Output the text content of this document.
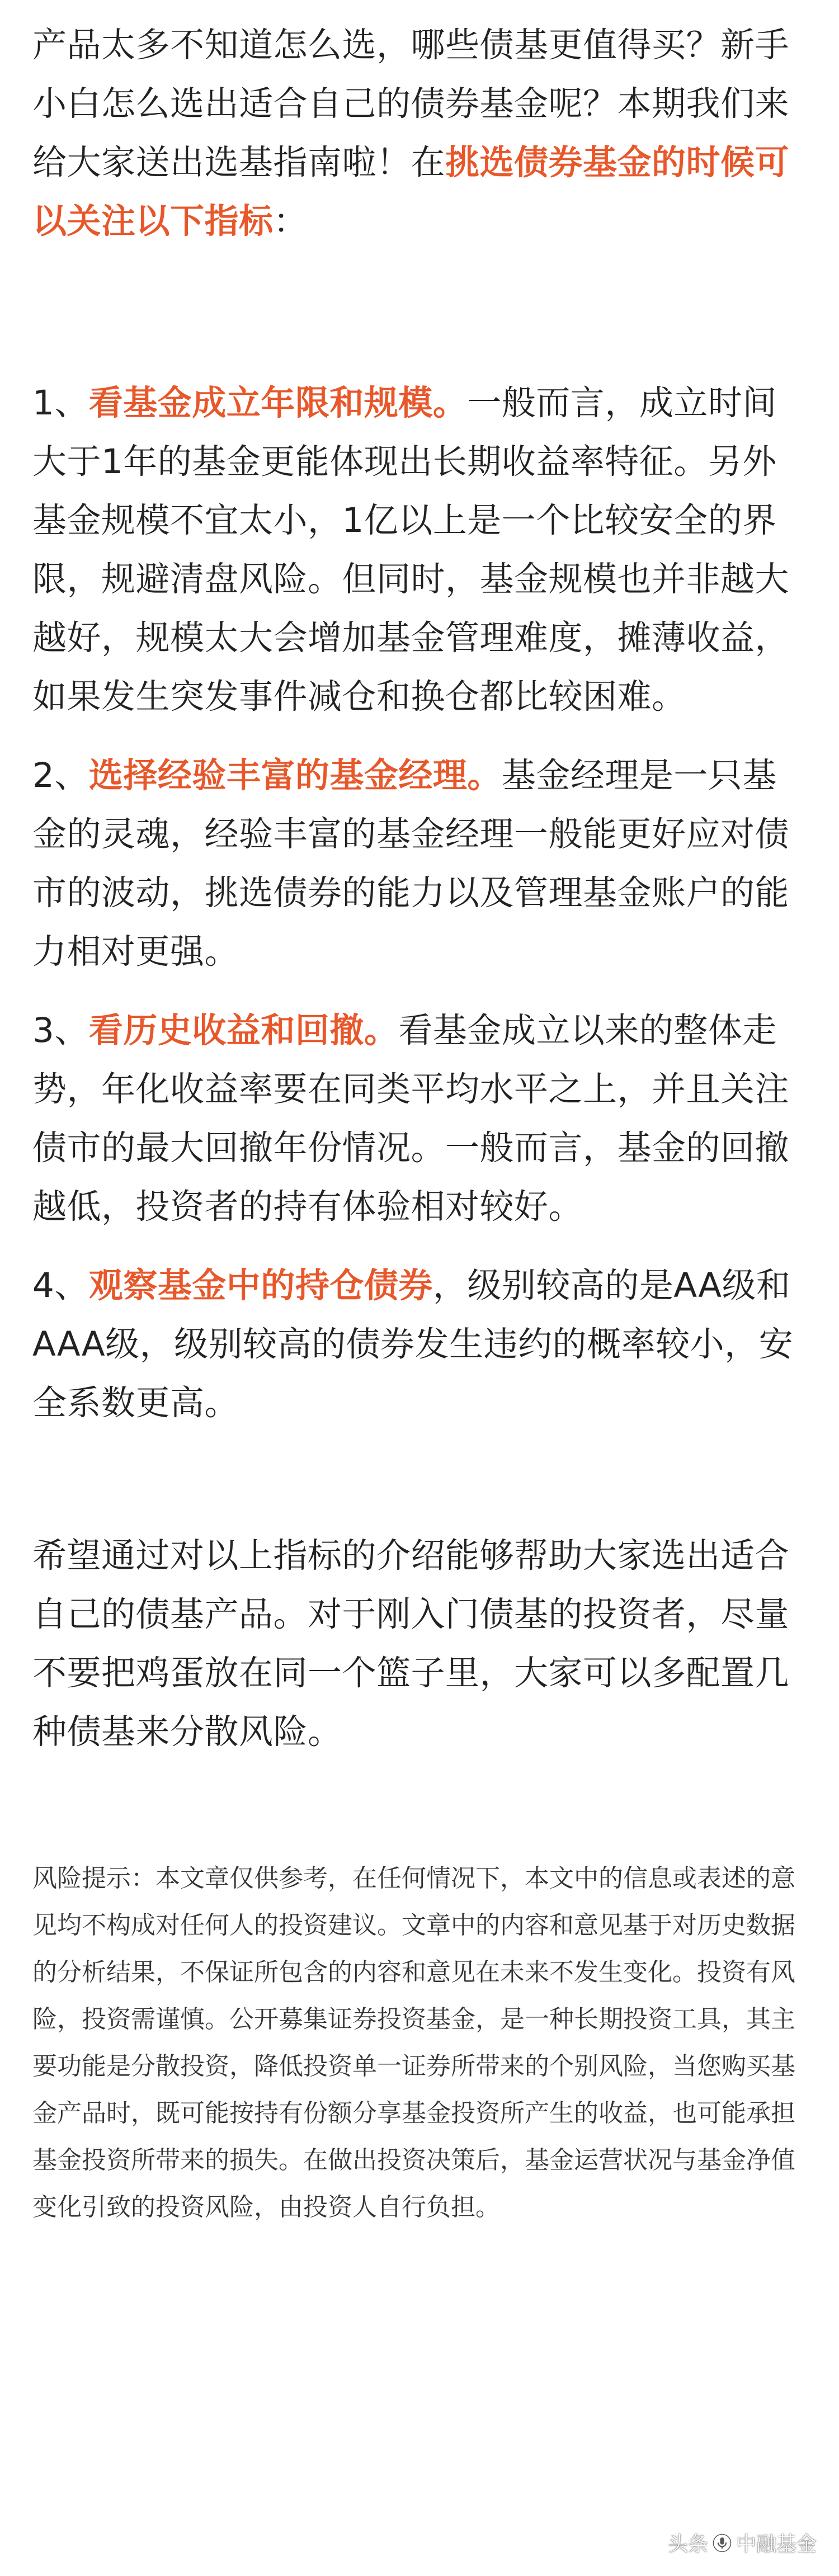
产品太多不知道怎么选，哪些债基更值得买？新手小白怎么选出适合自己的债券基金呢？本期我们来给大家送出选基指南啦！在挑选债券基金的时候可以关注以下指标：

1、看基金成立年限和规模。一般而言，成立时间大于1年的基金更能体现出长期收益率特征。另外基金规模不宜太小，1亿以上是一个比较安全的界限，规避清盘风险。但同时，基金规模也并非越大越好，规模太大会增加基金管理难度，摊薄收益，如果发生突发事件减仓和换仓都比较困难。

2、选择经验丰富的基金经理。基金经理是一只基金的灵魂，经验丰富的基金经理一般能更好应对债市的波动，挑选债券的能力以及管理基金账户的能力相对更强。

3、看历史收益和回撤。看基金成立以来的整体走势，年化收益率要在同类平均水平之上，并且关注债市的最大回撤年份情况。一般而言，基金的回撤越低，投资者的持有体验相对较好。

4、观察基金中的持仓债券，级别较高的是AA级和AAA级，级别较高的债券发生违约的概率较小，安全系数更高。

希望通过对以上指标的介绍能够帮助大家选出适合自己的债基产品。对于刚入门债基的投资者，尽量不要把鸡蛋放在同一个篮子里，大家可以多配置几种债基来分散风险。

风险提示：本文章仅供参考，在任何情况下，本文中的信息或表述的意见均不构成对任何人的投资建议。文章中的内容和意见基于对历史数据的分析结果，不保证所包含的内容和意见在未来不发生变化。投资有风险，投资需谨慎。公开募集证券投资基金，是一种长期投资工具，其主要功能是分散投资，降低投资单一证券所带来的个别风险，当您购买基金产品时，既可能按持有份额分享基金投资所产生的收益，也可能承担基金投资所带来的损失。在做出投资决策后，基金运营状况与基金净值变化引致的投资风险，由投资人自行负担。

头条 中融基金
